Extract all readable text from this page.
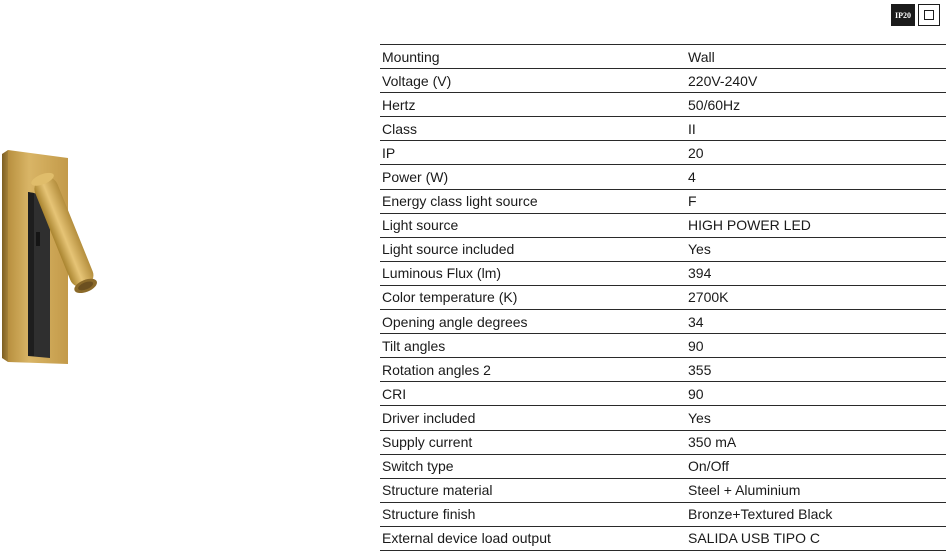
IP20
Mounting	Wall
Voltage (V)	220V-240V
Hertz	50/60Hz
Class	II
IP	20
Power (W)	4
Energy class light source	F
Light source	HIGH POWER LED
Light source included	Yes
Luminous Flux (lm)	394
Color temperature (K)	2700K
Opening angle degrees	34
Tilt angles	90
Rotation angles 2	355
CRI	90
Driver included	Yes
Supply current	350 mA
Switch type	On/Off
Structure material	Steel + Aluminium
Structure finish	Bronze+Textured Black
External device load output	SALIDA USB TIPO C
